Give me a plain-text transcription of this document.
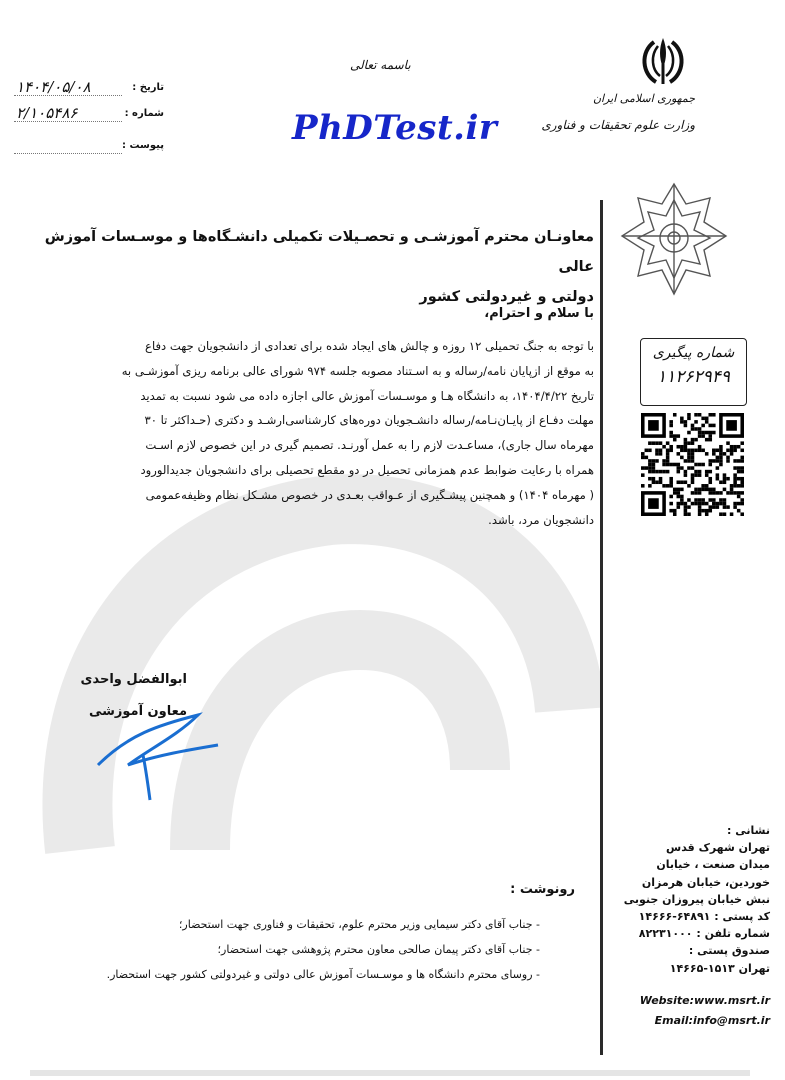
جمهوری اسلامی ایران
وزارت علوم تحقیقات و فناوری
باسمه تعالی
PhDTest.ir
۱۴۰۴/۰۵/۰۸	تاریخ :
۲/۱۰۵۴۸۶	شماره :
پیوست :
معاونـان محترم آموزشـی و تحصـیلات تکمیلی دانشـگاه‌ها و موسـسات آموزش عالی
دولتی و غیردولتی کشور
با سلام و احترام،
با توجه به جنگ تحمیلی ۱۲ روزه و چالش های ایجاد شده برای تعدادی از دانشجویان جهت دفاع
به موقع از ازپایان نامه/رساله و به اسـتناد مصوبه جلسه ۹۷۴ شورای عالی برنامه ریزی آموزشـی به
تاریخ ۱۴۰۴/۴/۲۲، به دانشگاه هـا و موسـسات آموزش عالی اجازه داده می شود نسبت به تمدید
مهلت دفـاع از پایـان‌نـامه/رساله دانشـجویان دوره‌های کارشناسی‌ارشـد و دکتری (حـداکثر تا ۳۰
مهرماه سال جاری)، مساعـدت لازم را به عمل آورنـد. تصمیم گیری در این خصوص لازم اسـت
همراه با رعایت ضوابط عدم همزمانی تحصیل در دو مقطع تحصیلی برای دانشجویان جدیدالورود
( مهرماه ۱۴۰۴) و همچنین پیشـگیری از عـواقب بعـدی در خصوص مشـکل نظام وظیفه‌عمومی
دانشجویان مرد، باشد.
ابوالفضل واحدی
معاون آموزشی
رونوشت :
- جناب آقای دکتر سیمایی وزیر محترم علوم، تحقیقات و فناوری جهت استحضار؛
- جناب آقای دکتر پیمان صالحی معاون محترم پژوهشی جهت استحضار؛
- روسای محترم دانشگاه ها و موسـسات آموزش عالی دولتی و غیردولتی کشور جهت استحضار.
شماره پیگیری
۱۱۲۶۲۹۴۹
نشانی :
تهران شهرک قدس
میدان صنعت ، خیابان
خوردین، خیابان هرمزان
نبش خیابان پیروزان جنوبی
کد پستی : ۶۴۸۹۱-۱۴۶۶۶
شماره تلفن : ۸۲۲۳۱۰۰۰
صندوق پستی :
تهران ۱۵۱۳-۱۴۶۶۵
Website:www.msrt.ir
Email:info@msrt.ir
